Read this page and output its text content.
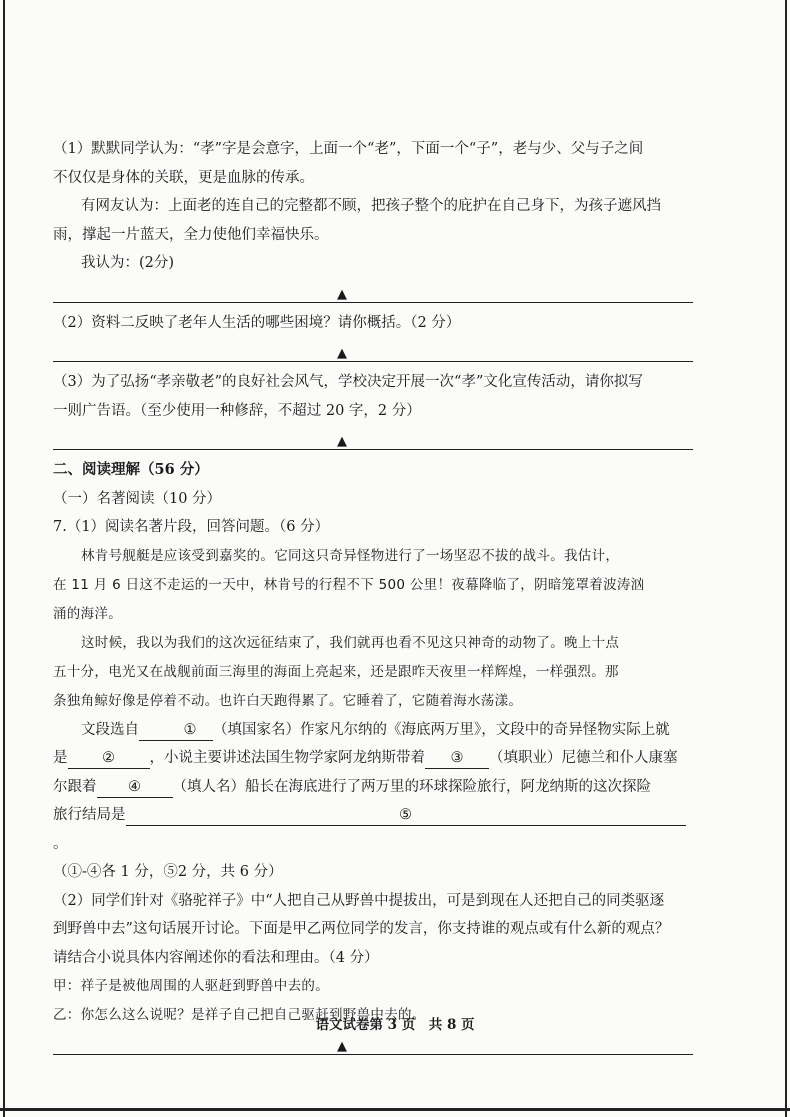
（1）默默同学认为：“孝”字是会意字，上面一个“老”，下面一个“子”，老与少、父与子之间

不仅仅是身体的关联，更是血脉的传承。

有网友认为：上面老的连自己的完整都不顾，把孩子整个的庇护在自己身下，为孩子遮风挡

雨，撑起一片蓝天，全力使他们幸福快乐。

我认为：(2分)

▲

（2）资料二反映了老年人生活的哪些困境？请你概括。（2 分）

▲

（3）为了弘扬“孝亲敬老”的良好社会风气，学校决定开展一次“孝”文化宣传活动，请你拟写

一则广告语。（至少使用一种修辞，不超过 20 字，2 分）

▲

二、阅读理解（56 分）

（一）名著阅读（10 分）

7.（1）阅读名著片段，回答问题。（6 分）

林肯号舰艇是应该受到嘉奖的。它同这只奇异怪物进行了一场坚忍不拔的战斗。我估计，

在 11 月 6 日这不走运的一天中，林肯号的行程不下 500 公里！夜幕降临了，阴暗笼罩着波涛汹

涌的海洋。

这时候，我以为我们的这次远征结束了，我们就再也看不见这只神奇的动物了。晚上十点

五十分，电光又在战舰前面三海里的海面上亮起来，还是跟昨天夜里一样辉煌，一样强烈。那

条独角鲸好像是停着不动。也许白天跑得累了。它睡着了，它随着海水荡漾。

文段选自	① （填国家名）作家凡尔纳的《海底两万里》，文段中的奇异怪物实际上就

是 ② ，小说主要讲述法国生物学家阿龙纳斯带着 ③ （填职业）尼德兰和仆人康塞

尔跟着 ④ （填人名）船长在海底进行了两万里的环球探险旅行，阿龙纳斯的这次探险

旅行结局是	⑤。

（①-④各 1 分，⑤2 分，共 6 分）

（2）同学们针对《骆驼祥子》中“人把自己从野兽中提拔出，可是到现在人还把自己的同类驱逐

到野兽中去”这句话展开讨论。下面是甲乙两位同学的发言，你支持谁的观点或有什么新的观点？

请结合小说具体内容阐述你的看法和理由。（4 分）

甲：祥子是被他周围的人驱赶到野兽中去的。

乙：你怎么这么说呢？是祥子自己把自己驱赶到野兽中去的。

▲
语文试卷第 3 页　共 8 页
